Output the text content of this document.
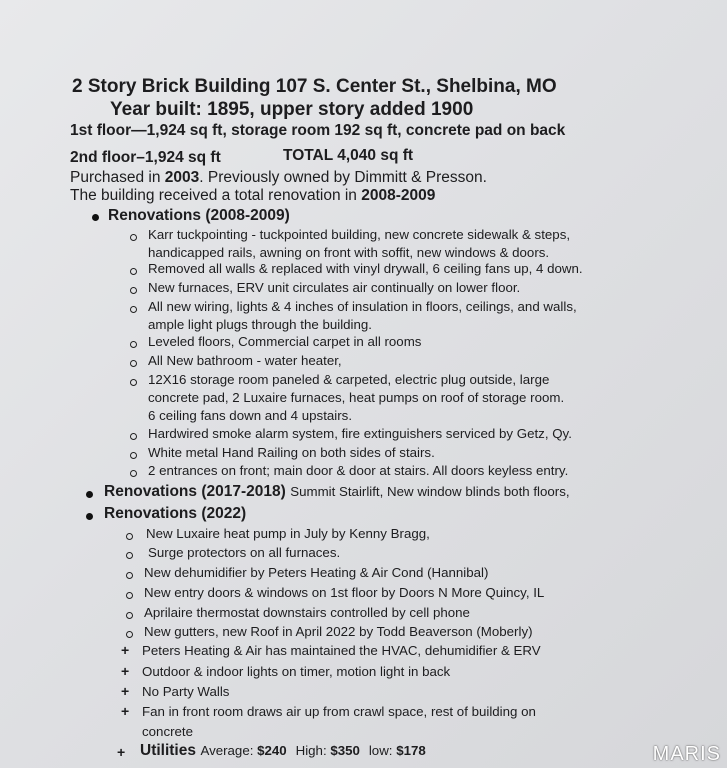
2 Story Brick Building 107 S. Center St., Shelbina, MO
Year built: 1895, upper story added 1900
1st floor—1,924 sq ft, storage room 192 sq ft, concrete pad on back
2nd floor–1,924 sq ft	TOTAL 4,040 sq ft
Purchased in 2003. Previously owned by Dimmitt & Presson.
The building received a total renovation in 2008-2009
Renovations (2008-2009)
Karr tuckpointing - tuckpointed building, new concrete sidewalk & steps,
handicapped rails, awning on front with soffit, new windows & doors.
Removed all walls & replaced with vinyl drywall, 6 ceiling fans up, 4 down.
New furnaces, ERV unit circulates air continually on lower floor.
All new wiring, lights & 4 inches of insulation in floors, ceilings, and walls,
ample light plugs through the building.
Leveled floors, Commercial carpet in all rooms
All New bathroom - water heater,
12X16 storage room paneled & carpeted, electric plug outside, large
concrete pad, 2 Luxaire furnaces, heat pumps on roof of storage room.
6 ceiling fans down and 4 upstairs.
Hardwired smoke alarm system, fire extinguishers serviced by Getz, Qy.
White metal Hand Railing on both sides of stairs.
2 entrances on front; main door & door at stairs. All doors keyless entry.
Renovations (2017-2018) Summit Stairlift, New window blinds both floors,
Renovations (2022)
New Luxaire heat pump in July by Kenny Bragg,
Surge protectors on all furnaces.
New dehumidifier by Peters Heating & Air Cond (Hannibal)
New entry doors & windows on 1st floor by Doors N More Quincy, IL
Aprilaire thermostat downstairs controlled by cell phone
New gutters, new Roof in April 2022 by Todd Beaverson (Moberly)
+ Peters Heating & Air has maintained the HVAC, dehumidifier & ERV
+ Outdoor & indoor lights on timer, motion light in back
+ No Party Walls
+ Fan in front room draws air up from crawl space, rest of building on
concrete
+ Utilities Average: $240 High: $350 low: $178	MARIS
